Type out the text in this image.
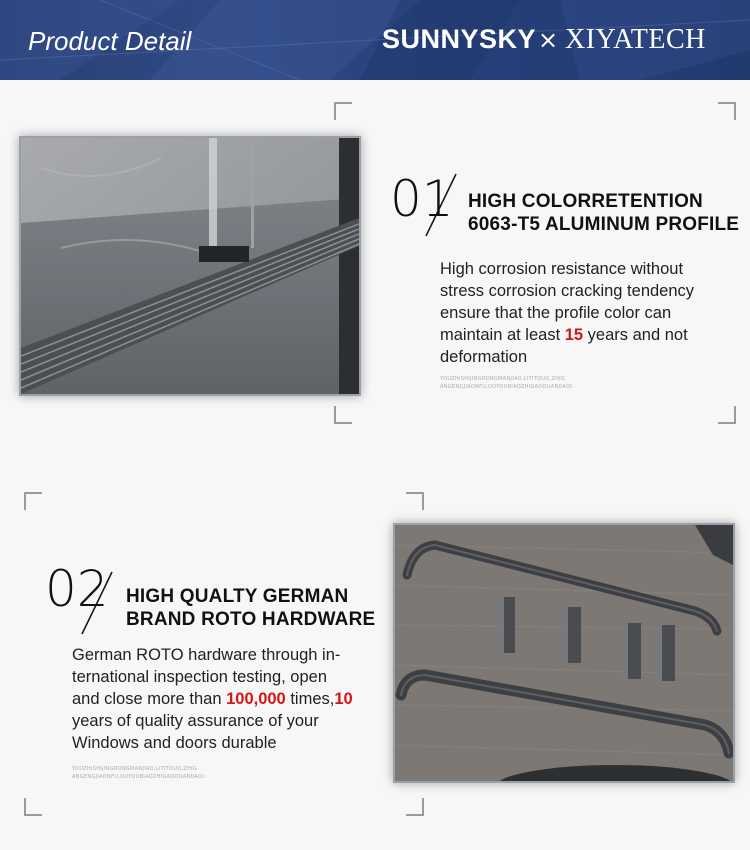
Product Detail	SUNNYSKY × XIYATECH
01 HIGH COLORRETENTION
6063-T5 ALUMINUM PROFILE
High corrosion resistance without
stress corrosion cracking tendency
ensure that the profile color can
maintain at least 15 years and not
deformation
YOUZHISHIJINGRONGMANJIAO,LITITOUQ,ZHIG
ANGENGJIAONFU,OUYOUBIAOZHIGAOOUANDAOI.
02 HIGH QUALTY GERMAN
BRAND ROTO HARDWARE
German ROTO hardware through in-
ternational inspection testing, open
and close more than 100,000 times,10
years of quality assurance of your
Windows and doors durable
YOUZHISHIJINGRONGMANJIAO,LITITOUQ,ZHIG
ANGENGJIAONFU,OUYOUBIAOZHIGAOOUANDAOI.
